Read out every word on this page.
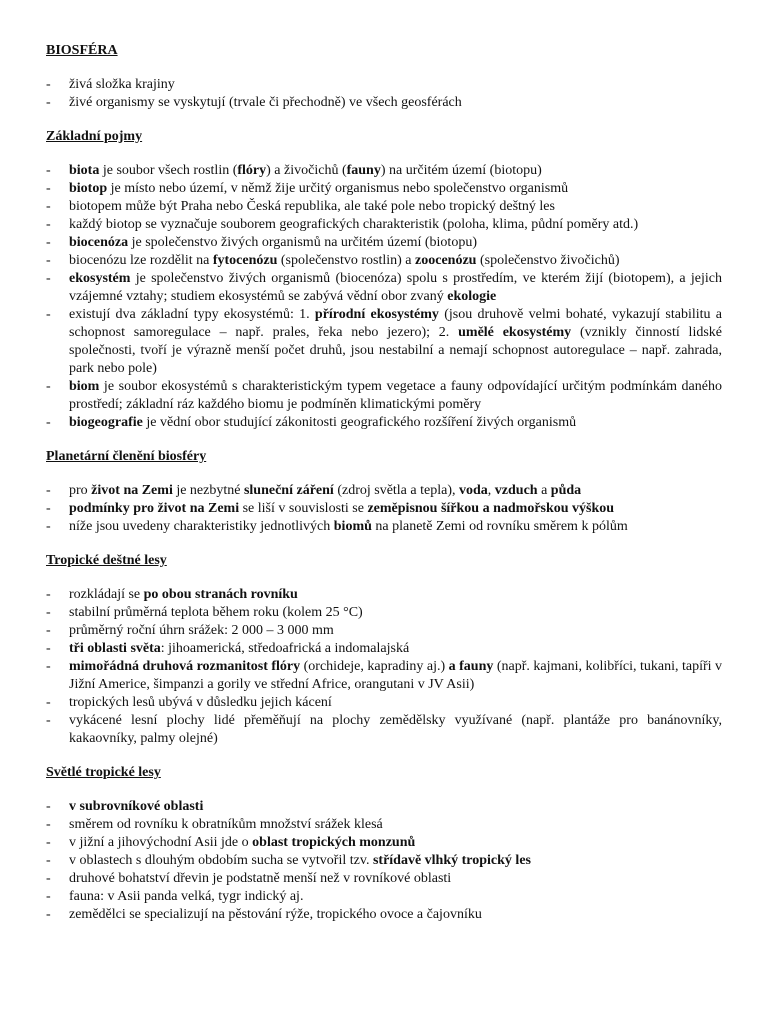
BIOSFÉRA
- živá složka krajiny
- živé organismy se vyskytují (trvale či přechodně) ve všech geosférách
Základní pojmy
- biota je soubor všech rostlin (flóry) a živočichů (fauny) na určitém území (biotopu)
- biotop je místo nebo území, v němž žije určitý organismus nebo společenstvo organismů
- biotopem může být Praha nebo Česká republika, ale také pole nebo tropický deštný les
- každý biotop se vyznačuje souborem geografických charakteristik (poloha, klima, půdní poměry atd.)
- biocenóza je společenstvo živých organismů na určitém území (biotopu)
- biocenózu lze rozdělit na fytocenózu (společenstvo rostlin) a zoocenózu (společenstvo živočichů)
- ekosystém je společenstvo živých organismů (biocenóza) spolu s prostředím, ve kterém žijí (biotopem), a jejich vzájemné vztahy; studiem ekosystémů se zabývá vědní obor zvaný ekologie
- existují dva základní typy ekosystémů: 1. přírodní ekosystémy (jsou druhově velmi bohaté, vykazují stabilitu a schopnost samoregulace – např. prales, řeka nebo jezero); 2. umělé ekosystémy (vznikly činností lidské společnosti, tvoří je výrazně menší počet druhů, jsou nestabilní a nemají schopnost autoregulace – např. zahrada, park nebo pole)
- biom je soubor ekosystémů s charakteristickým typem vegetace a fauny odpovídající určitým podmínkám daného prostředí; základní ráz každého biomu je podmíněn klimatickými poměry
- biogeografie je vědní obor studující zákonitosti geografického rozšíření živých organismů
Planetární členění biosféry
- pro život na Zemi je nezbytné sluneční záření (zdroj světla a tepla), voda, vzduch a půda
- podmínky pro život na Zemi se liší v souvislosti se zeměpisnou šířkou a nadmořskou výškou
- níže jsou uvedeny charakteristiky jednotlivých biomů na planetě Zemi od rovníku směrem k pólům
Tropické deštné lesy
- rozkládají se po obou stranách rovníku
- stabilní průměrná teplota během roku (kolem 25 °C)
- průměrný roční úhrn srážek: 2 000 – 3 000 mm
- tři oblasti světa: jihoamerická, středoafrická a indomalajská
- mimořádná druhová rozmanitost flóry (orchideje, kapradiny aj.) a fauny (např. kajmani, kolibříci, tukani, tapíři v Jižní Americe, šimpanzi a gorily ve střední Africe, orangutani v JV Asii)
- tropických lesů ubývá v důsledku jejich kácení
- vykácené lesní plochy lidé přeměňují na plochy zemědělsky využívané (např. plantáže pro banánovníky, kakaovníky, palmy olejné)
Světlé tropické lesy
- v subrovníkové oblasti
- směrem od rovníku k obratníkům množství srážek klesá
- v jižní a jihovýchodní Asii jde o oblast tropických monzunů
- v oblastech s dlouhým obdobím sucha se vytvořil tzv. střídavě vlhký tropický les
- druhové bohatství dřevin je podstatně menší než v rovníkové oblasti
- fauna: v Asii panda velká, tygr indický aj.
- zemědělci se specializují na pěstování rýže, tropického ovoce a čajovníku
